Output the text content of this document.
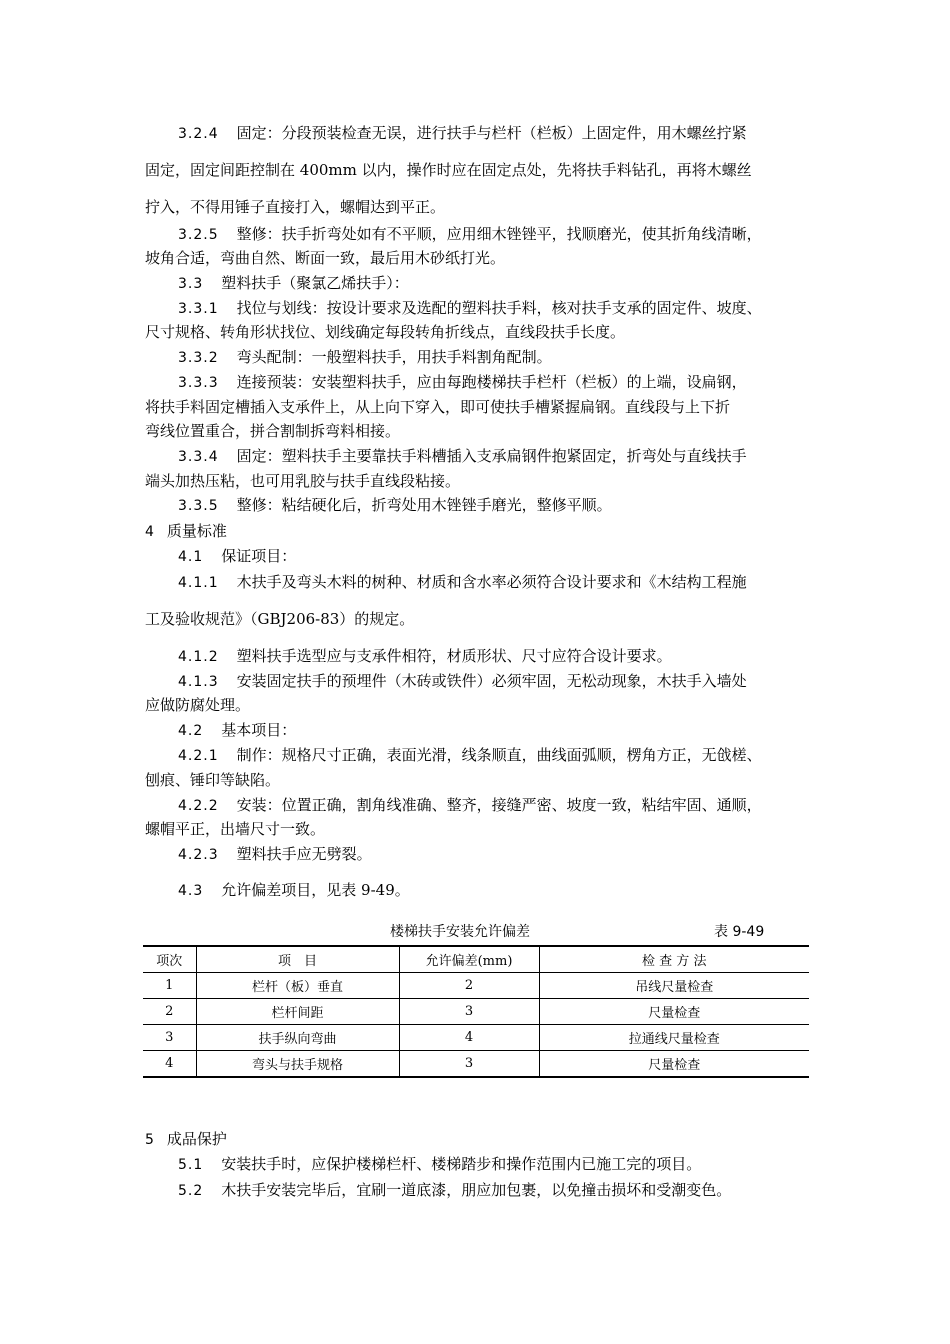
3.2.4 固定：分段预装检查无误，进行扶手与栏杆（栏板）上固定件，用木螺丝拧紧
固定，固定间距控制在 400mm 以内，操作时应在固定点处，先将扶手料钻孔，再将木螺丝
拧入，不得用锤子直接打入，螺帽达到平正。
3.2.5 整修：扶手折弯处如有不平顺，应用细木锉锉平，找顺磨光，使其折角线清晰，
坡角合适，弯曲自然、断面一致，最后用木砂纸打光。
3.3 塑料扶手（聚氯乙烯扶手）：
3.3.1 找位与划线：按设计要求及选配的塑料扶手料，核对扶手支承的固定件、坡度、
尺寸规格、转角形状找位、划线确定每段转角折线点，直线段扶手长度。
3.3.2 弯头配制：一般塑料扶手，用扶手料割角配制。
3.3.3 连接预装：安装塑料扶手，应由每跑楼梯扶手栏杆（栏板）的上端，设扁钢，
将扶手料固定槽插入支承件上，从上向下穿入，即可使扶手槽紧握扁钢。直线段与上下折
弯线位置重合，拼合割制拆弯料相接。
3.3.4 固定：塑料扶手主要靠扶手料槽插入支承扁钢件抱紧固定，折弯处与直线扶手
端头加热压粘，也可用乳胶与扶手直线段粘接。
3.3.5 整修：粘结硬化后，折弯处用木锉锉手磨光，整修平顺。
4 质量标准
4.1 保证项目：
4.1.1 木扶手及弯头木料的树种、材质和含水率必须符合设计要求和《木结构工程施
工及验收规范》（GBJ206-83）的规定。
4.1.2 塑料扶手选型应与支承件相符，材质形状、尺寸应符合设计要求。
4.1.3 安装固定扶手的预埋件（木砖或铁件）必须牢固，无松动现象，木扶手入墙处
应做防腐处理。
4.2 基本项目：
4.2.1 制作：规格尺寸正确，表面光滑，线条顺直，曲线面弧顺，楞角方正，无戗槎、
刨痕、锤印等缺陷。
4.2.2 安装：位置正确，割角线准确、整齐，接缝严密、坡度一致，粘结牢固、通顺，
螺帽平正，出墙尺寸一致。
4.2.3 塑料扶手应无劈裂。
4.3 允许偏差项目，见表 9-49。
5 成品保护
5.1 安装扶手时，应保护楼梯栏杆、楼梯踏步和操作范围内已施工完的项目。
5.2 木扶手安装完毕后，宜刷一道底漆，朋应加包裹，以免撞击损坏和受潮变色。
楼梯扶手安装允许偏差	表 9-49
项次	项　目	允许偏差(mm)	检 查 方 法
1	栏杆（板）垂直	2	吊线尺量检查
2	栏杆间距	3	尺量检查
3	扶手纵向弯曲	4	拉通线尺量检查
4	弯头与扶手规格	3	尺量检查
